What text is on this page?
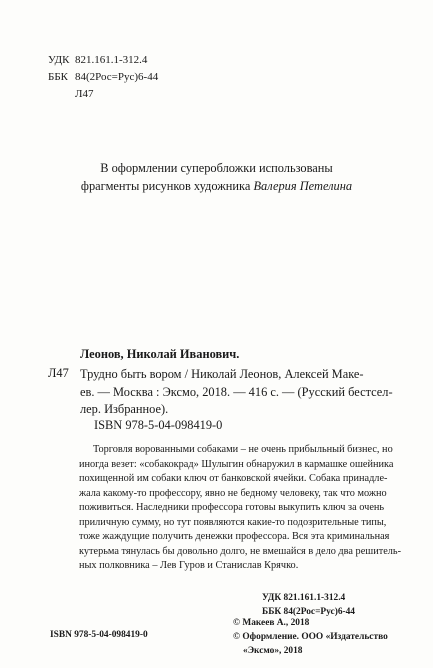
УДК 821.161.1-312.4
ББК 84(2Рос=Рус)6-44
Л47
В оформлении суперобложки использованы
фрагменты рисунков художника Валерия Петелина
Леонов, Николай Иванович.
Л47 Трудно быть вором / Николай Леонов, Алексей Маке-
ев. — Москва : Эксмо, 2018. — 416 с. — (Русский бестсел-
лер. Избранное).
ISBN 978-5-04-098419-0
Торговля ворованными собаками – не очень прибыльный бизнес, но
иногда везет: «собакокрад» Шулыгин обнаружил в кармашке ошейника
похищенной им собаки ключ от банковской ячейки. Собака принадле-
жала какому-то профессору, явно не бедному человеку, так что можно
поживиться. Наследники профессора готовы выкупить ключ за очень
приличную сумму, но тут появляются какие-то подозрительные типы,
тоже жаждущие получить денежки профессора. Вся эта криминальная
кутерьма тянулась бы довольно долго, не вмешайся в дело два решитель-
ных полковника – Лев Гуров и Станислав Крячко.
УДК 821.161.1-312.4
ББК 84(2Рос=Рус)6-44
© Макеев А., 2018
© Оформление. ООО «Издательство
«Эксмо», 2018
ISBN 978-5-04-098419-0
